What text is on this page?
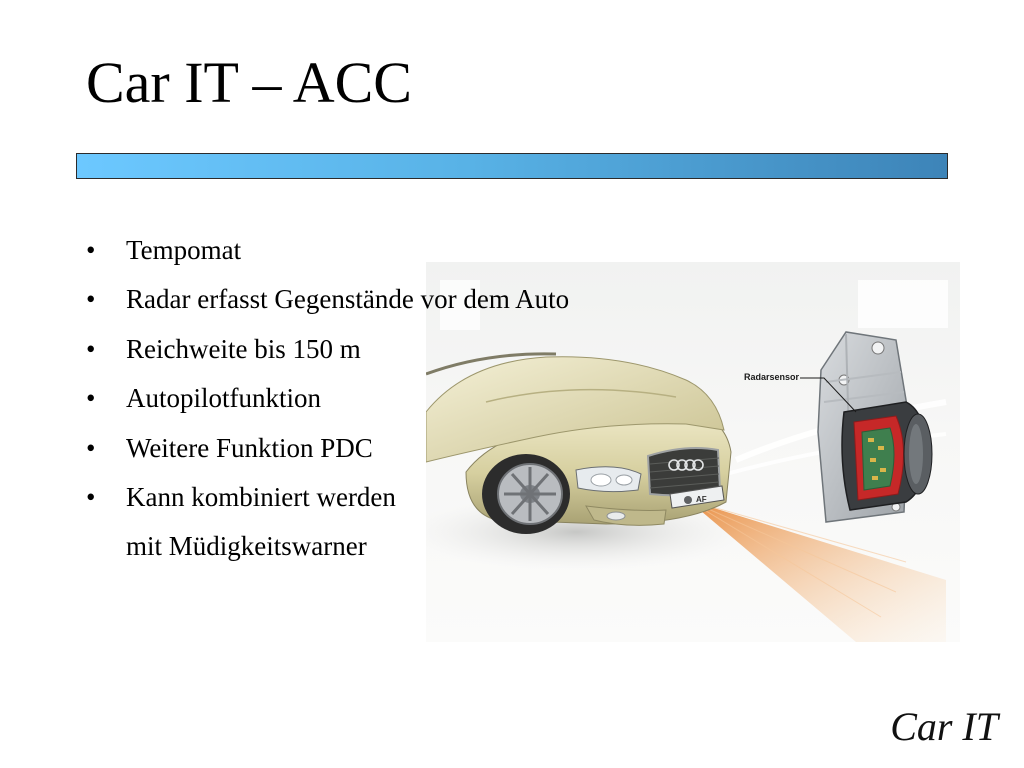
Car IT – ACC
AF
Radarsensor
• Tempomat
• Radar erfasst Gegenstände vor dem Auto
• Reichweite bis 150 m
• Autopilotfunktion
• Weitere Funktion PDC
• Kann kombiniert werden
mit Müdigkeitswarner
Car IT
